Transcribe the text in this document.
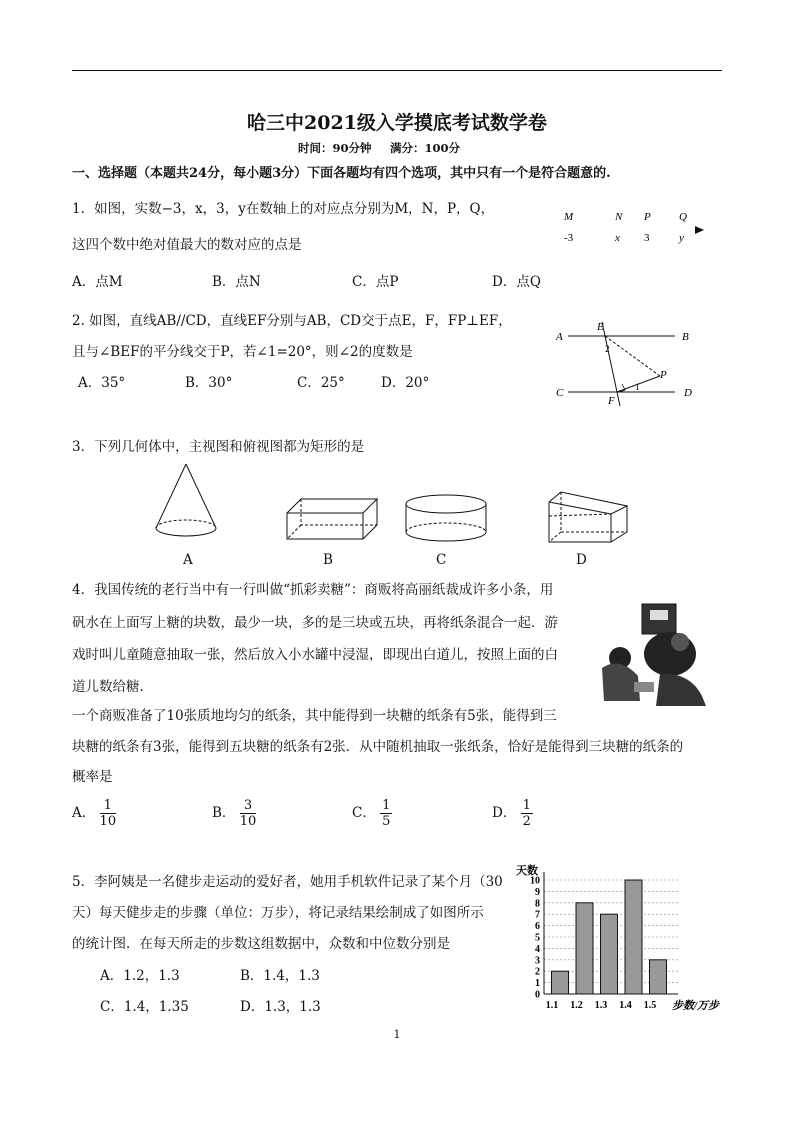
哈三中2021级入学摸底考试数学卷
时间：90分钟 满分：100分
一、选择题（本题共24分，每小题3分）下面各题均有四个选项，其中只有一个是符合题意的.
1．如图，实数−3，x，3，y在数轴上的对应点分别为M，N，P，Q，
这四个数中绝对值最大的数对应的点是
A．点M	B．点N	C．点P	D．点Q
M	N P	Q
-3	x 3	y
2. 如图，直线AB//CD，直线EF分别与AB，CD交于点E，F，FP⊥EF，
且与∠BEF的平分线交于P，若∠1=20°，则∠2的度数是
A．35°	B．30°	C．25°	D．20°
A
E
B
2
P
C
F
1	D
3．下列几何体中，主视图和俯视图都为矩形的是
A	B	C	D
4．我国传统的老行当中有一行叫做“抓彩卖糖”：商贩将高丽纸裁成许多小条，用
矾水在上面写上糖的块数，最少一块，多的是三块或五块，再将纸条混合一起．游
戏时叫儿童随意抽取一张，然后放入小水罐中浸湿，即现出白道儿，按照上面的白
道儿数给糖．
一个商贩准备了10张质地均匀的纸条，其中能得到一块糖的纸条有5张，能得到三
块糖的纸条有3张，能得到五块糖的纸条有2张．从中随机抽取一张纸条，恰好是能得到三块糖的纸条的
概率是
A． $\frac{1}{10}$	B． $\frac{3}{10}$	C． $\frac{1}{5}$	D． $\frac{1}{2}$
5．李阿姨是一名健步走运动的爱好者，她用手机软件记录了某个月（30
天）每天健步走的步骤（单位：万步），将记录结果绘制成了如图所示
的统计图．在每天所走的步数这组数据中，众数和中位数分别是
A．1.2，1.3	B．1.4，1.3
C．1.4，1.35	D．1.3，1.3
0
1
2
3
4
5
6
7
8
9
10
1.1 1.2 1.3 1.4 1.5
天数
步数/万步
1
